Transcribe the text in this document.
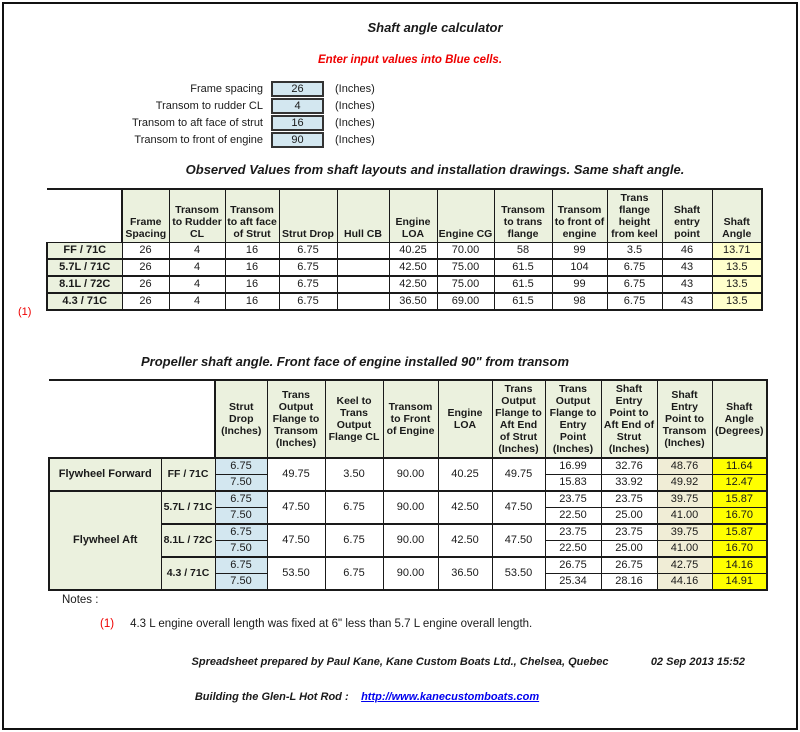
Shaft angle calculator
Enter input values into Blue cells.
Frame spacing	26	(Inches)
Transom to rudder CL	4	(Inches)
Transom to aft face of strut	16	(Inches)
Transom to front of engine	90	(Inches)
Observed Values from shaft layouts and installation drawings. Same shaft angle.
(1)
	Frame Spacing	Transom to Rudder CL	Transom to aft face of Strut	Strut Drop	Hull CB	Engine LOA	Engine CG	Transom to trans flange	Transom to front of engine	Trans flange height from keel	Shaft entry point	Shaft Angle
FF / 71C	26	4	16	6.75		40.25	70.00	58	99	3.5	46	13.71
5.7L / 71C	26	4	16	6.75		42.50	75.00	61.5	104	6.75	43	13.5
8.1L / 72C	26	4	16	6.75		42.50	75.00	61.5	99	6.75	43	13.5
4.3 / 71C	26	4	16	6.75		36.50	69.00	61.5	98	6.75	43	13.5
Propeller shaft angle. Front face of engine installed 90" from transom
		Strut Drop (Inches)	Trans Output Flange to Transom (Inches)	Keel to Trans Output Flange CL	Transom to Front of Engine	Engine LOA	Trans Output Flange to Aft End of Strut (Inches)	Trans Output Flange to Entry Point (Inches)	Shaft Entry Point to Aft End of Strut (Inches)	Shaft Entry Point to Transom (Inches)	Shaft Angle (Degrees)
Flywheel Forward	FF / 71C	6.75	49.75	3.50	90.00	40.25	49.75	16.99	32.76	48.76	11.64
		7.50						15.83	33.92	49.92	12.47
Flywheel Aft	5.7L / 71C	6.75	47.50	6.75	90.00	42.50	47.50	23.75	23.75	39.75	15.87
		7.50						22.50	25.00	41.00	16.70
	8.1L / 72C	6.75	47.50	6.75	90.00	42.50	47.50	23.75	23.75	39.75	15.87
		7.50						22.50	25.00	41.00	16.70
	4.3 / 71C	6.75	53.50	6.75	90.00	36.50	53.50	26.75	26.75	42.75	14.16
		7.50						25.34	28.16	44.16	14.91
Notes :
(1) 4.3 L engine overall length was fixed at 6" less than 5.7 L engine overall length.
Spreadsheet prepared by Paul Kane, Kane Custom Boats Ltd., Chelsea, Quebec	02 Sep 2013 15:52
Building the Glen-L Hot Rod : http://www.kanecustomboats.com
